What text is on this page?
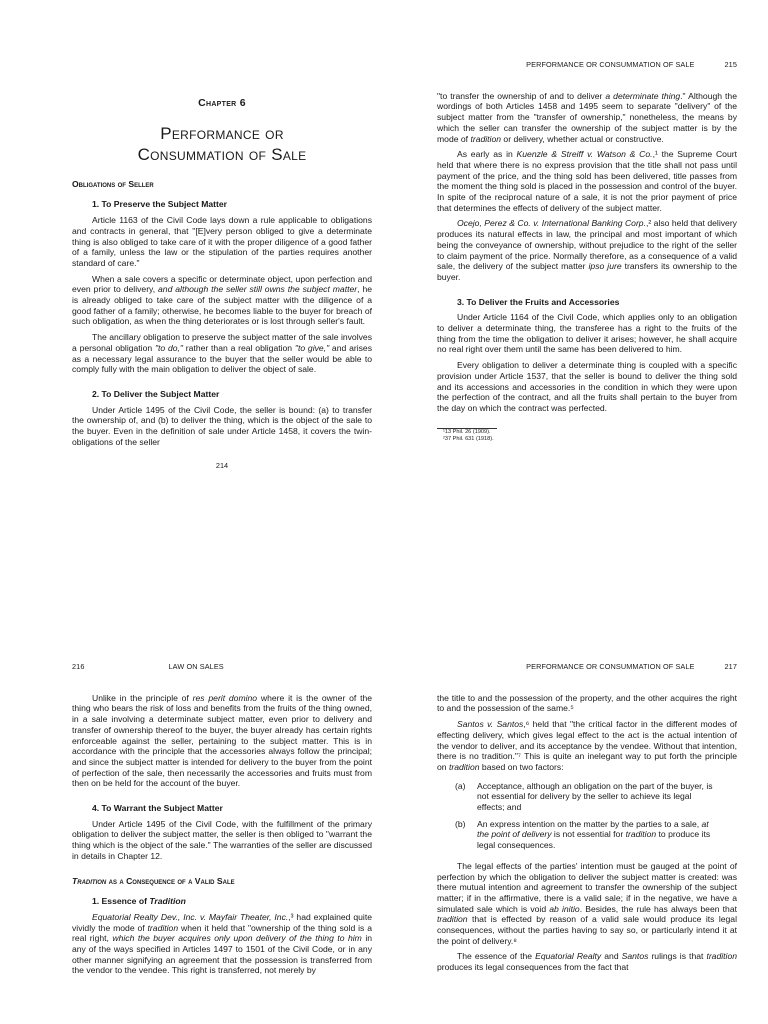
Chapter 6
Performance or
Consummation of Sale
Obligations of Seller
1. To Preserve the Subject Matter

Article 1163 of the Civil Code lays down a rule applicable to obligations and contracts in general, that "[E]very person obliged to give a determinate thing is also obliged to take care of it with the proper diligence of a good father of a family, unless the law or the stipulation of the parties requires another standard of care."

When a sale covers a specific or determinate object, upon perfection and even prior to delivery, and although the seller still owns the subject matter, he is already obliged to take care of the subject matter with the diligence of a good father of a family; otherwise, he becomes liable to the buyer for breach of such obligation, as when the thing deteriorates or is lost through seller's fault.

The ancillary obligation to preserve the subject matter of the sale involves a personal obligation "to do," rather than a real obligation "to give," and arises as a necessary legal assurance to the buyer that the seller would be able to comply fully with the main obligation to deliver the object of sale.

2. To Deliver the Subject Matter

Under Article 1495 of the Civil Code, the seller is bound: (a) to transfer the ownership of, and (b) to deliver the thing, which is the object of the sale to the buyer. Even in the definition of sale under Article 1458, it covers the twin-obligations of the seller

214
PERFORMANCE OR CONSUMMATION OF SALE	215

"to transfer the ownership of and to deliver a determinate thing." Although the wordings of both Articles 1458 and 1495 seem to separate "delivery" of the subject matter from the "transfer of ownership," nonetheless, the means by which the seller can transfer the ownership of the subject matter is by the mode of tradition or delivery, whether actual or constructive.

As early as in Kuenzle & Streiff v. Watson & Co.,¹ the Supreme Court held that where there is no express provision that the title shall not pass until payment of the price, and the thing sold has been delivered, title passes from the moment the thing sold is placed in the possession and control of the buyer. In spite of the reciprocal nature of a sale, it is not the prior payment of price that determines the effects of delivery of the subject matter.

Ocejo, Perez & Co. v. International Banking Corp.,² also held that delivery produces its natural effects in law, the principal and most important of which being the conveyance of ownership, without prejudice to the right of the seller to claim payment of the price. Normally therefore, as a consequence of a valid sale, the delivery of the subject matter ipso jure transfers its ownership to the buyer.

3. To Deliver the Fruits and Accessories

Under Article 1164 of the Civil Code, which applies only to an obligation to deliver a determinate thing, the transferee has a right to the fruits of the thing from the time the obligation to deliver it arises; however, he shall acquire no real right over them until the same has been delivered to him.

Every obligation to deliver a determinate thing is coupled with a specific provision under Article 1537, that the seller is bound to deliver the thing sold and its accessions and accessories in the condition in which they were upon the perfection of the contract, and all the fruits shall pertain to the buyer from the day on which the contract was perfected.

¹13 Phil. 26 (1909).
²37 Phil. 631 (1918).
216	LAW ON SALES

Unlike in the principle of res perit domino where it is the owner of the thing who bears the risk of loss and benefits from the fruits of the thing owned, in a sale involving a determinate subject matter, even prior to delivery and transfer of ownership thereof to the buyer, the buyer already has certain rights enforceable against the seller, pertaining to the subject matter. This is in accordance with the principle that the accessories always follow the principal; and since the subject matter is intended for delivery to the buyer from the point of perfection of the sale, then necessarily the accessories and fruits must from then on be held for the account of the buyer.

4. To Warrant the Subject Matter

Under Article 1495 of the Civil Code, with the fulfillment of the primary obligation to deliver the subject matter, the seller is then obliged to "warrant the thing which is the object of the sale." The warranties of the seller are discussed in details in Chapter 12.

Tradition as a Consequence of a Valid Sale
1. Essence of Tradition

Equatorial Realty Dev., Inc. v. Mayfair Theater, Inc.,³ had explained quite vividly the mode of tradition when it held that "ownership of the thing sold is a real right, which the buyer acquires only upon delivery of the thing to him in any of the ways specified in Articles 1497 to 1501 of the Civil Code, or in any other manner signifying an agreement that the possession is transferred from the vendor to the vendee. This right is transferred, not merely by

PERFORMANCE OR CONSUMMATION OF SALE	217

the title to and the possession of the property, and the other acquires the right to and the possession of the same.⁵

Santos v. Santos,⁶ held that "the critical factor in the different modes of effecting delivery, which gives legal effect to the act is the actual intention of the vendor to deliver, and its acceptance by the vendee. Without that intention, there is no tradition."⁷ This is quite an inelegant way to put forth the principle on tradition based on two factors:

(a)	Acceptance, although an obligation on the part of the buyer, is not essential for delivery by the seller to achieve its legal effects; and
(b)	An express intention on the matter by the parties to a sale, at the point of delivery is not essential for tradition to produce its legal consequences.

The legal effects of the parties' intention must be gauged at the point of perfection by which the obligation to deliver the subject matter is created: was there mutual intention and agreement to transfer the ownership of the subject matter; if in the affirmative, there is a valid sale; if in the negative, we have a simulated sale which is void ab initio. Besides, the rule has always been that tradition that is effected by reason of a valid sale would produce its legal consequences, without the parties having to say so, or particularly intend it at the point of delivery.⁸

The essence of the Equatorial Realty and Santos rulings is that tradition produces its legal consequences from the fact that
